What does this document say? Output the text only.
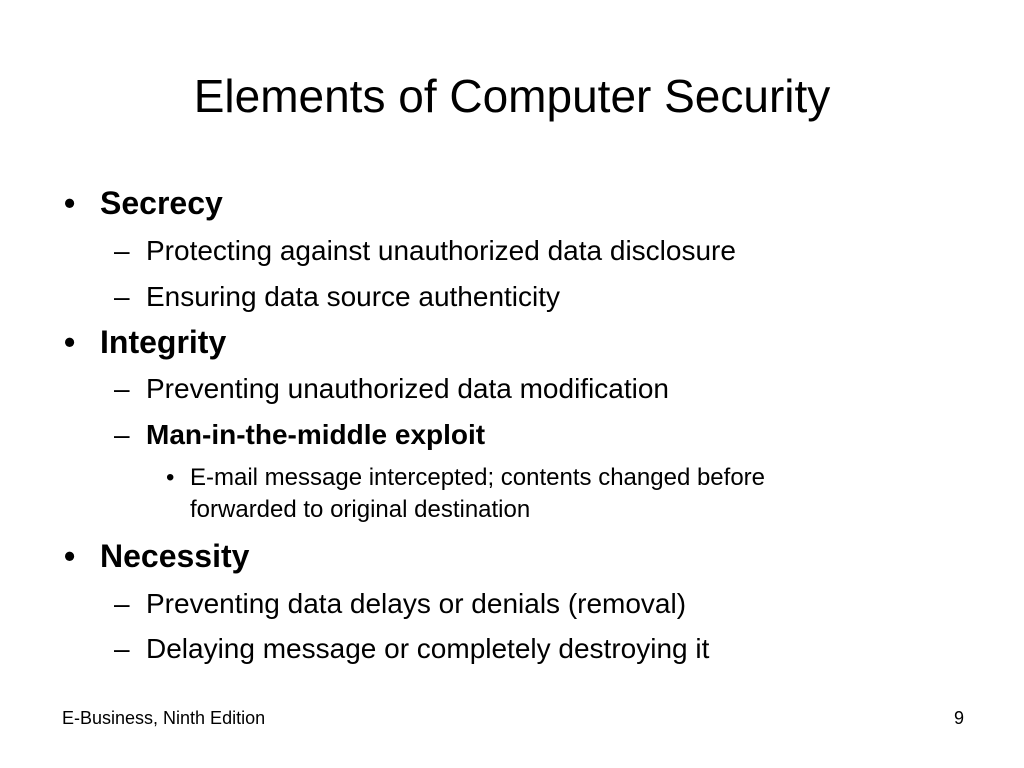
Elements of Computer Security
• Secrecy
– Protecting against unauthorized data disclosure
– Ensuring data source authenticity
• Integrity
– Preventing unauthorized data modification
– Man-in-the-middle exploit
• E-mail message intercepted; contents changed before
forwarded to original destination
• Necessity
– Preventing data delays or denials (removal)
– Delaying message or completely destroying it
E-Business, Ninth Edition	9
